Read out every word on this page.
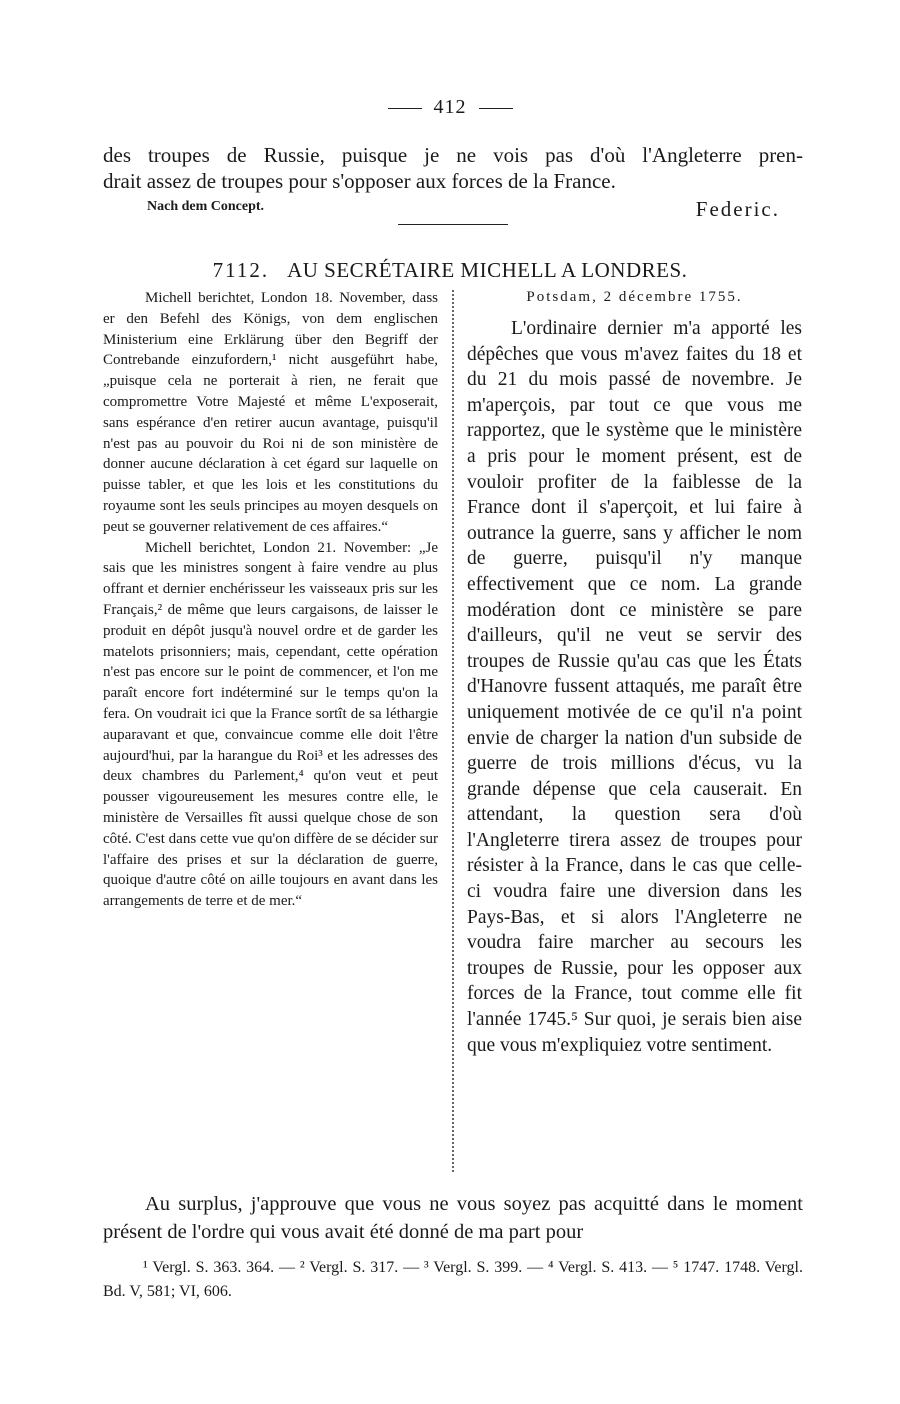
412
des troupes de Russie, puisque je ne vois pas d'où l'Angleterre pren-
drait assez de troupes pour s'opposer aux forces de la France.
Nach dem Concept.	Federic.
7112. AU SECRÉTAIRE MICHELL A LONDRES.

Michell berichtet, London 18. November, dass er den Befehl des Königs, von dem englischen Ministerium eine Erklärung über den Begriff der Contrebande einzufordern,¹ nicht ausgeführt habe, „puisque cela ne porterait à rien, ne ferait que compromettre Votre Majesté et même L'exposerait, sans espérance d'en retirer aucun avantage, puisqu'il n'est pas au pouvoir du Roi ni de son ministère de donner aucune déclaration à cet égard sur laquelle on puisse tabler, et que les lois et les constitutions du royaume sont les seuls principes au moyen desquels on peut se gouverner relativement de ces affaires.“

Michell berichtet, London 21. November: „Je sais que les ministres songent à faire vendre au plus offrant et dernier enchérisseur les vaisseaux pris sur les Français,² de même que leurs cargaisons, de laisser le produit en dépôt jusqu'à nouvel ordre et de garder les matelots prisonniers; mais, cependant, cette opération n'est pas encore sur le point de commencer, et l'on me paraît encore fort indéterminé sur le temps qu'on la fera. On voudrait ici que la France sortît de sa léthargie auparavant et que, convaincue comme elle doit l'être aujourd'hui, par la harangue du Roi³ et les adresses des deux chambres du Parlement,⁴ qu'on veut et peut pousser vigoureusement les mesures contre elle, le ministère de Versailles fît aussi quelque chose de son côté. C'est dans cette vue qu'on diffère de se décider sur l'affaire des prises et sur la déclaration de guerre, quoique d'autre côté on aille toujours en avant dans les arrangements de terre et de mer.“

Potsdam, 2 décembre 1755.

L'ordinaire dernier m'a apporté les dépêches que vous m'avez faites du 18 et du 21 du mois passé de novembre. Je m'aperçois, par tout ce que vous me rapportez, que le système que le ministère a pris pour le moment présent, est de vouloir profiter de la faiblesse de la France dont il s'aperçoit, et lui faire à outrance la guerre, sans y afficher le nom de guerre, puisqu'il n'y manque effectivement que ce nom. La grande modération dont ce ministère se pare d'ailleurs, qu'il ne veut se servir des troupes de Russie qu'au cas que les États d'Hanovre fussent attaqués, me paraît être uniquement motivée de ce qu'il n'a point envie de charger la nation d'un subside de guerre de trois millions d'écus, vu la grande dépense que cela causerait. En attendant, la question sera d'où l'Angleterre tirera assez de troupes pour résister à la France, dans le cas que celle-ci voudra faire une diversion dans les Pays-Bas, et si alors l'Angleterre ne voudra faire marcher au secours les troupes de Russie, pour les opposer aux forces de la France, tout comme elle fit l'année 1745.⁵ Sur quoi, je serais bien aise que vous m'expliquiez votre sentiment.

Au surplus, j'approuve que vous ne vous soyez pas acquitté dans le moment présent de l'ordre qui vous avait été donné de ma part pour

¹ Vergl. S. 363. 364. — ² Vergl. S. 317. — ³ Vergl. S. 399. — ⁴ Vergl. S. 413. — ⁵ 1747. 1748. Vergl. Bd. V, 581; VI, 606.
